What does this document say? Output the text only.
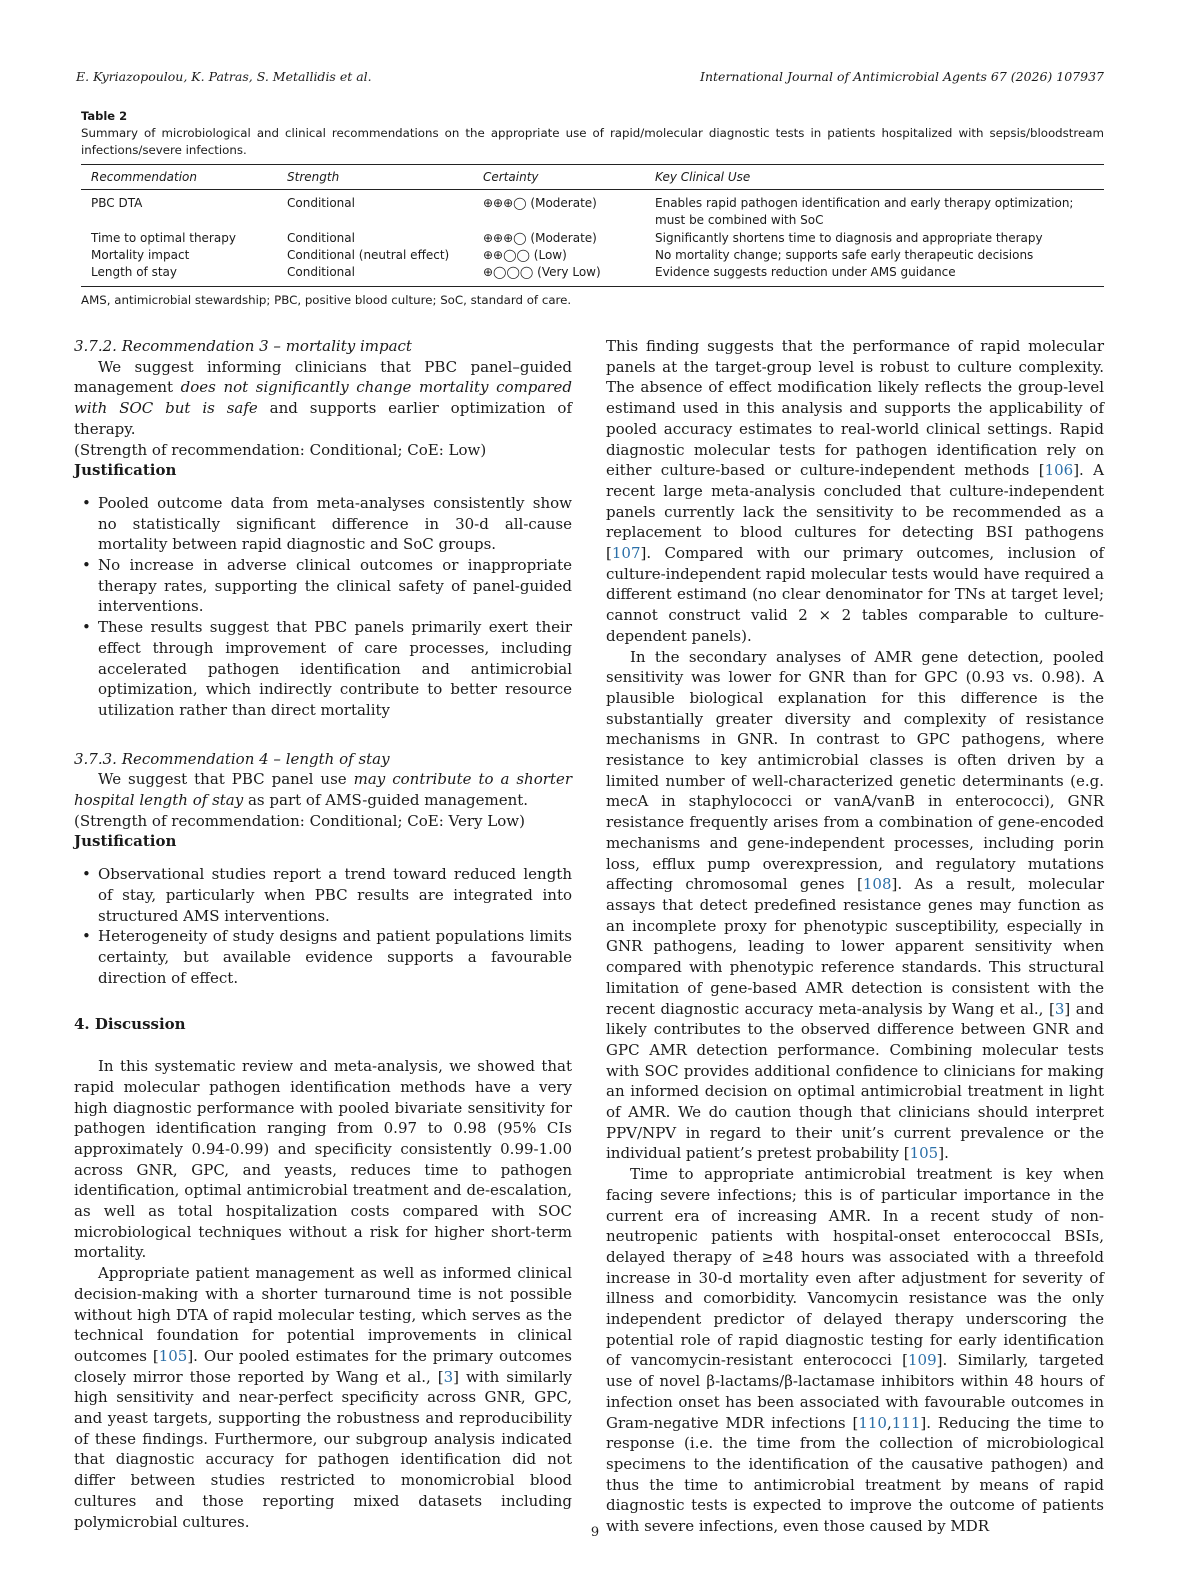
E. Kyriazopoulou, K. Patras, S. Metallidis et al.	International Journal of Antimicrobial Agents 67 (2026) 107937

Table 2

Summary of microbiological and clinical recommendations on the appropriate use of rapid/molecular diagnostic tests in patients hospitalized with sepsis/bloodstream infections/severe infections.

Recommendation	Strength	Certainty	Key Clinical Use
PBC DTA	Conditional	⊕⊕⊕◯ (Moderate)	Enables rapid pathogen identification and early therapy optimization; must be combined with SoC
Time to optimal therapy	Conditional	⊕⊕⊕◯ (Moderate)	Significantly shortens time to diagnosis and appropriate therapy
Mortality impact	Conditional (neutral effect)	⊕⊕◯◯ (Low)	No mortality change; supports safe early therapeutic decisions
Length of stay	Conditional	⊕◯◯◯ (Very Low)	Evidence suggests reduction under AMS guidance
AMS, antimicrobial stewardship; PBC, positive blood culture; SoC, standard of care.

3.7.2. Recommendation 3 – mortality impact

We suggest informing clinicians that PBC panel–guided management does not significantly change mortality compared with SOC but is safe and supports earlier optimization of therapy.

(Strength of recommendation: Conditional; CoE: Low)

Justification

• Pooled outcome data from meta-analyses consistently show no statistically significant difference in 30-d all-cause mortality between rapid diagnostic and SoC groups.
• No increase in adverse clinical outcomes or inappropriate therapy rates, supporting the clinical safety of panel-guided interventions.
• These results suggest that PBC panels primarily exert their effect through improvement of care processes, including accelerated pathogen identification and antimicrobial optimization, which indirectly contribute to better resource utilization rather than direct mortality

3.7.3. Recommendation 4 – length of stay

We suggest that PBC panel use may contribute to a shorter hospital length of stay as part of AMS-guided management.

(Strength of recommendation: Conditional; CoE: Very Low)

Justification

• Observational studies report a trend toward reduced length of stay, particularly when PBC results are integrated into structured AMS interventions.
• Heterogeneity of study designs and patient populations limits certainty, but available evidence supports a favourable direction of effect.

4. Discussion

In this systematic review and meta-analysis, we showed that rapid molecular pathogen identification methods have a very high diagnostic performance with pooled bivariate sensitivity for pathogen identification ranging from 0.97 to 0.98 (95% CIs approximately 0.94-0.99) and specificity consistently 0.99-1.00 across GNR, GPC, and yeasts, reduces time to pathogen identification, optimal antimicrobial treatment and de-escalation, as well as total hospitalization costs compared with SOC microbiological techniques without a risk for higher short-term mortality.

Appropriate patient management as well as informed clinical decision-making with a shorter turnaround time is not possible without high DTA of rapid molecular testing, which serves as the technical foundation for potential improvements in clinical outcomes [105]. Our pooled estimates for the primary outcomes closely mirror those reported by Wang et al., [3] with similarly high sensitivity and near-perfect specificity across GNR, GPC, and yeast targets, supporting the robustness and reproducibility of these findings. Furthermore, our subgroup analysis indicated that diagnostic accuracy for pathogen identification did not differ between studies restricted to monomicrobial blood cultures and those reporting mixed datasets including polymicrobial cultures.

This finding suggests that the performance of rapid molecular panels at the target-group level is robust to culture complexity. The absence of effect modification likely reflects the group-level estimand used in this analysis and supports the applicability of pooled accuracy estimates to real-world clinical settings. Rapid diagnostic molecular tests for pathogen identification rely on either culture-based or culture-independent methods [106]. A recent large meta-analysis concluded that culture-independent panels currently lack the sensitivity to be recommended as a replacement to blood cultures for detecting BSI pathogens [107]. Compared with our primary outcomes, inclusion of culture-independent rapid molecular tests would have required a different estimand (no clear denominator for TNs at target level; cannot construct valid 2 × 2 tables comparable to culture-dependent panels).

In the secondary analyses of AMR gene detection, pooled sensitivity was lower for GNR than for GPC (0.93 vs. 0.98). A plausible biological explanation for this difference is the substantially greater diversity and complexity of resistance mechanisms in GNR. In contrast to GPC pathogens, where resistance to key antimicrobial classes is often driven by a limited number of well-characterized genetic determinants (e.g. mecA in staphylococci or vanA/vanB in enterococci), GNR resistance frequently arises from a combination of gene-encoded mechanisms and gene-independent processes, including porin loss, efflux pump overexpression, and regulatory mutations affecting chromosomal genes [108]. As a result, molecular assays that detect predefined resistance genes may function as an incomplete proxy for phenotypic susceptibility, especially in GNR pathogens, leading to lower apparent sensitivity when compared with phenotypic reference standards. This structural limitation of gene-based AMR detection is consistent with the recent diagnostic accuracy meta-analysis by Wang et al., [3] and likely contributes to the observed difference between GNR and GPC AMR detection performance. Combining molecular tests with SOC provides additional confidence to clinicians for making an informed decision on optimal antimicrobial treatment in light of AMR. We do caution though that clinicians should interpret PPV/NPV in regard to their unit’s current prevalence or the individual patient’s pretest probability [105].

Time to appropriate antimicrobial treatment is key when facing severe infections; this is of particular importance in the current era of increasing AMR. In a recent study of non-neutropenic patients with hospital-onset enterococcal BSIs, delayed therapy of ≥48 hours was associated with a threefold increase in 30-d mortality even after adjustment for severity of illness and comorbidity. Vancomycin resistance was the only independent predictor of delayed therapy underscoring the potential role of rapid diagnostic testing for early identification of vancomycin-resistant enterococci [109]. Similarly, targeted use of novel β-lactams/β-lactamase inhibitors within 48 hours of infection onset has been associated with favourable outcomes in Gram-negative MDR infections [110,111]. Reducing the time to response (i.e. the time from the collection of microbiological specimens to the identification of the causative pathogen) and thus the time to antimicrobial treatment by means of rapid diagnostic tests is expected to improve the outcome of patients with severe infections, even those caused by MDR

9
